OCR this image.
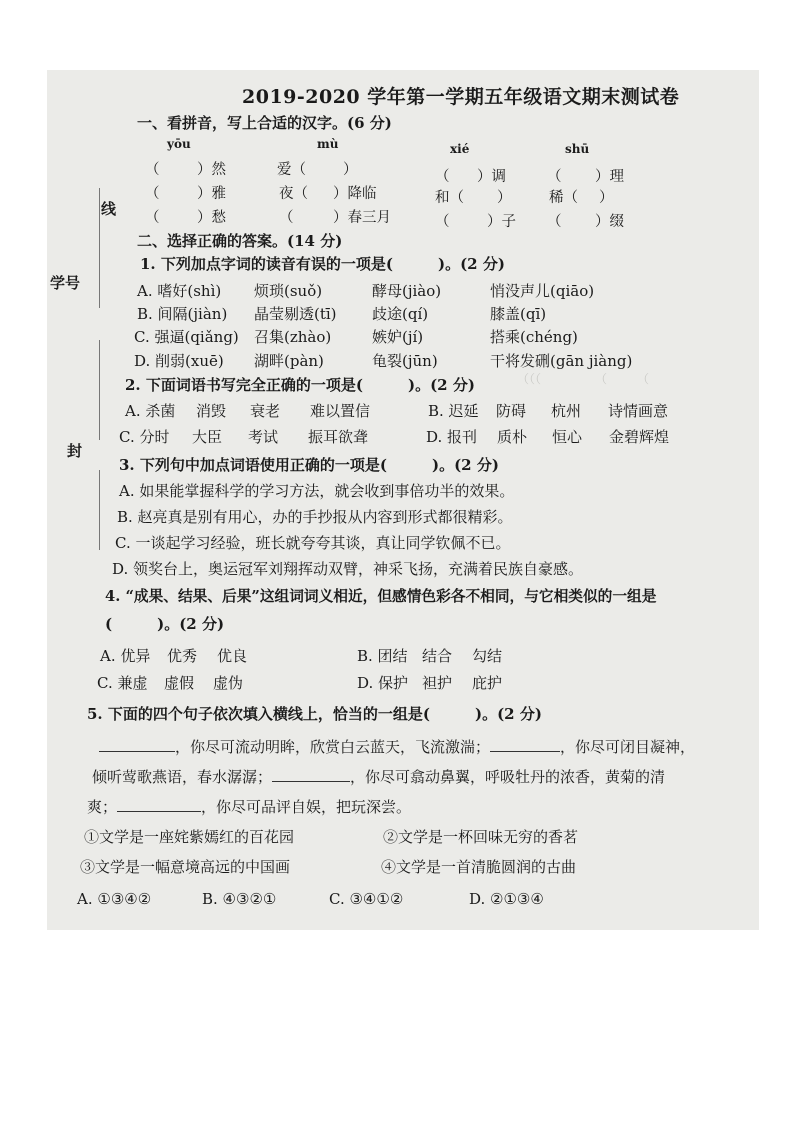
（（（　　　　　（　　　（

学号
线
封
2019-2020 学年第一学期五年级语文期末测试卷
一、看拼音，写上合适的汉字。(6 分)
yōu	mù	xié	shū
（	）然	爱（	）	（ ）调	（ ）理
（	）雅	夜（ ）降临	和（ ）	稀（ ）
（	）愁	（	）春三月	（	）子 （ ）缀
二、选择正确的答案。(14 分)
1. 下列加点字词的读音有误的一项是(　　　)。(2 分)
A. 嗜好(shì) 烦琐(suǒ)	酵母(jiào)	悄没声儿(qiāo)
B. 间隔(jiàn) 晶莹剔透(tī) 歧途(qí)	膝盖(qī)
C. 强逼(qiǎng) 召集(zhào)	嫉妒(jí)	搭乘(chéng)
D. 削弱(xuē) 湖畔(pàn)	龟裂(jūn)	干将发硎(gān jiàng)
2. 下面词语书写完全正确的一项是(　　　)。(2 分)
A. 杀菌 消毁 衰老 难以置信	B. 迟延 防碍 杭州 诗情画意
C. 分时 大臣 考试 振耳欲聋	D. 报刊 质朴 恒心 金碧辉煌
3. 下列句中加点词语使用正确的一项是(　　　)。(2 分)
A. 如果能掌握科学的学习方法，就会收到事倍功半的效果。
B. 赵亮真是别有用心，办的手抄报从内容到形式都很精彩。
C. 一谈起学习经验，班长就夸夸其谈，真让同学钦佩不已。
D. 领奖台上，奥运冠军刘翔挥动双臂，神采飞扬，充满着民族自豪感。
4. “成果、结果、后果”这组词词义相近，但感情色彩各不相同，与它相类似的一组是
(　　　)。(2 分)
A. 优异 优秀 优良	B. 团结 结合 勾结
C. 兼虚 虚假 虚伪	D. 保护 袒护 庇护
5. 下面的四个句子依次填入横线上，恰当的一组是(　　　)。(2 分)
，你尽可流动明眸，欣赏白云蓝天，飞流激湍；	，你尽可闭目凝神，
倾听莺歌燕语，春水潺潺；	，你尽可翕动鼻翼，呼吸牡丹的浓香，黄菊的清
爽；	，你尽可品评自娱，把玩深尝。
①文学是一座姹紫嫣红的百花园	②文学是一杯回味无穷的香茗
③文学是一幅意境高远的中国画	④文学是一首清脆圆润的古曲
A. ①③④②	B. ④③②①	C. ③④①②	D. ②①③④
